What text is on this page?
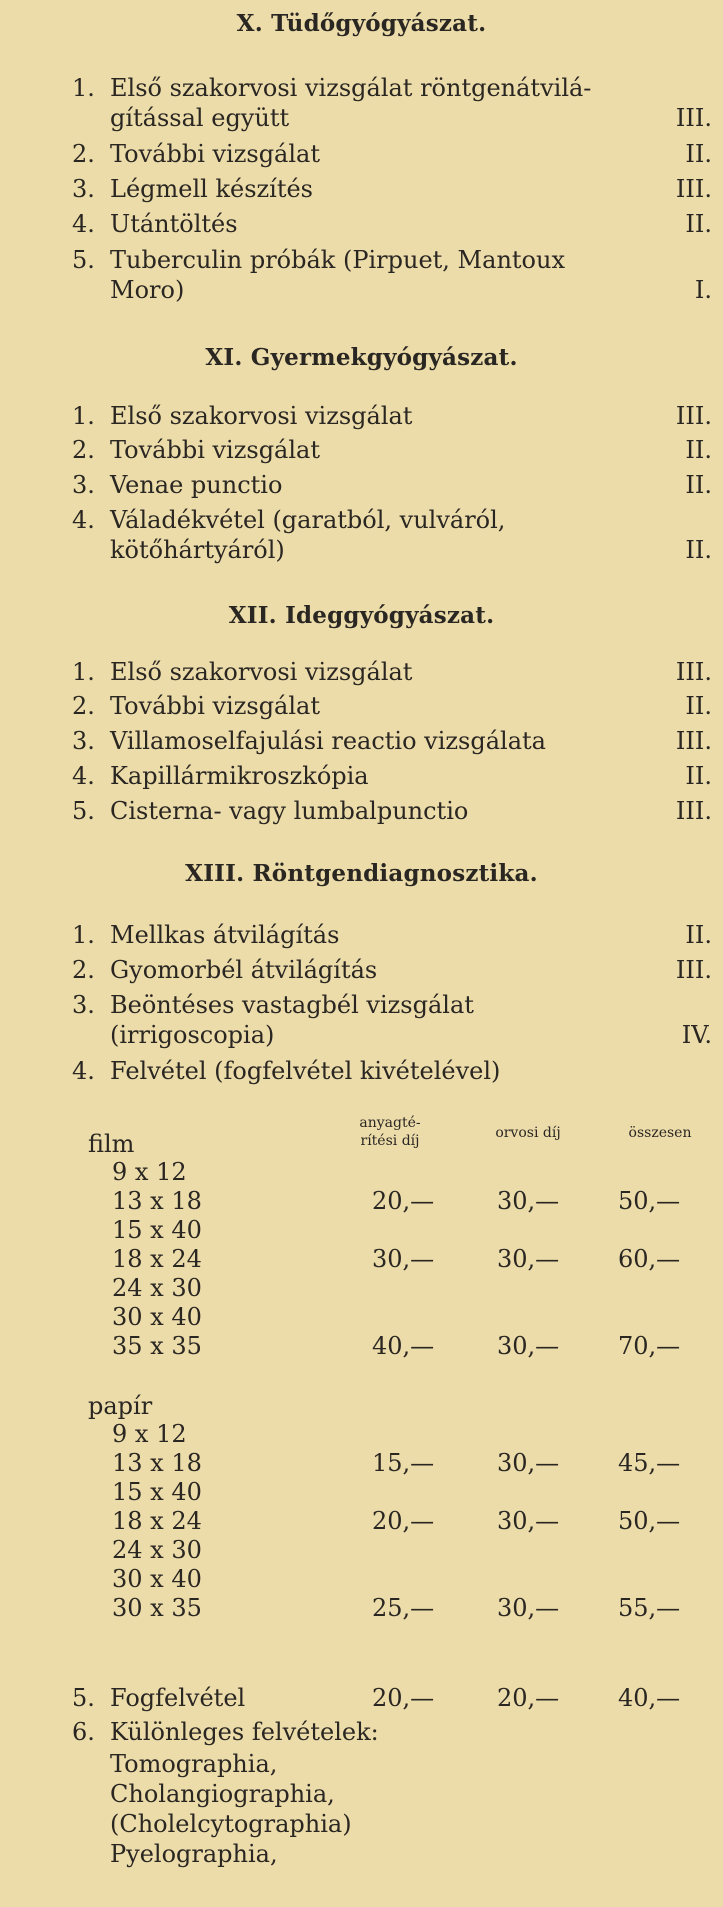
X. Tüdőgyógyászat.
1. Első szakorvosi vizsgálat röntgenátvilá-
gítással együtt	III.
2. További vizsgálat	II.
3. Légmell készítés	III.
4. Utántöltés	II.
5. Tuberculin próbák (Pirpuet, Mantoux
Moro)	I.
XI. Gyermekgyógyászat.
1. Első szakorvosi vizsgálat	III.
2. További vizsgálat	II.
3. Venae punctio	II.
4. Váladékvétel (garatból, vulváról,
kötőhártyáról)	II.
XII. Ideggyógyászat.
1. Első szakorvosi vizsgálat	III.
2. További vizsgálat	II.
3. Villamoselfajulási reactio vizsgálata	III.
4. Kapillármikroszkópia	II.
5. Cisterna- vagy lumbalpunctio	III.
XIII. Röntgendiagnosztika.
1. Mellkas átvilágítás	II.
2. Gyomorbél átvilágítás	III.
3. Beöntéses vastagbél vizsgálat
(irrigoscopia)	IV.
4. Felvétel (fogfelvétel kivételével)
anyagté-
rítési díj	orvosi díj	összesen
film
9 x 12
13 x 18	20,—	30,— 50,—
15 x 40
18 x 24	30,—	30,— 60,—
24 x 30
30 x 40
35 x 35	40,—	30,— 70,—
papír
9 x 12
13 x 18	15,—	30,— 45,—
15 x 40
18 x 24	20,—	30,— 50,—
24 x 30
30 x 40
30 x 35	25,—	30,— 55,—
5. Fogfelvétel	20,—	20,— 40,—
6. Különleges felvételek:
Tomographia,
Cholangiographia,
(Cholelcytographia)
Pyelographia,
